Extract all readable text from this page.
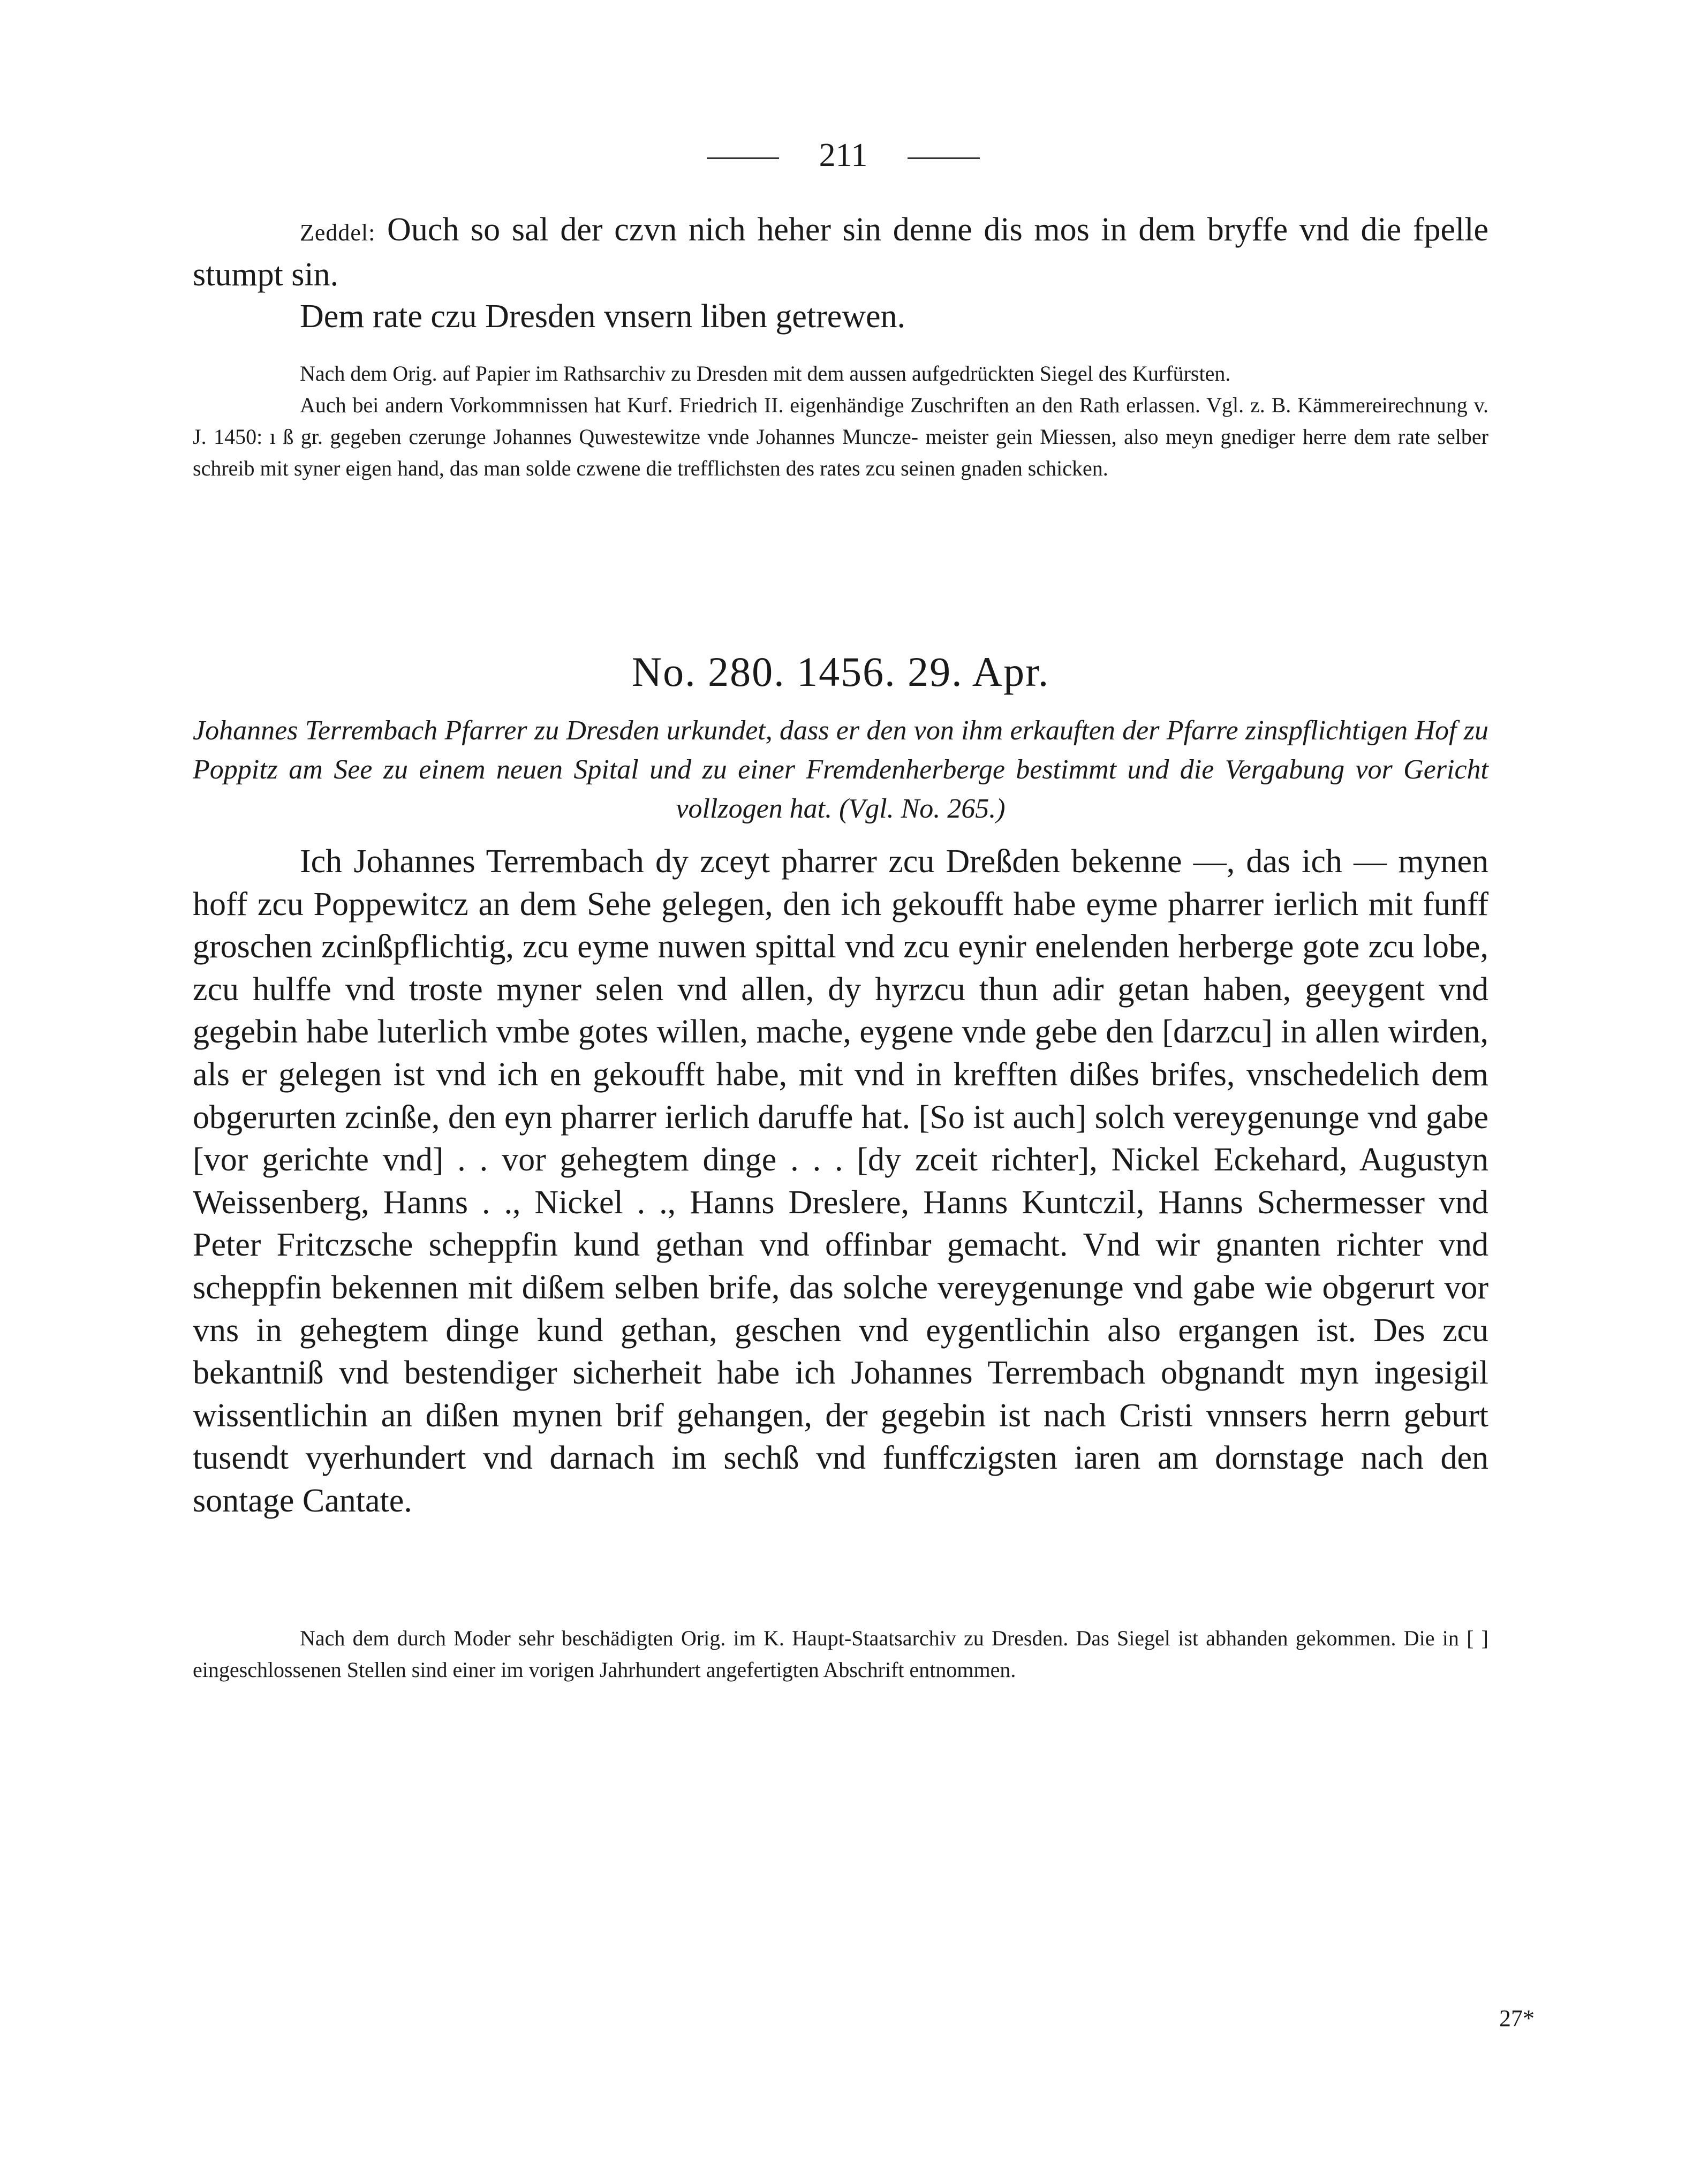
211

Zeddel: Ouch so sal der czvn nich heher sin denne dis mos in dem bryffe vnd die fpelle stumpt sin.

Dem rate czu Dresden vnsern liben getrewen.

Nach dem Orig. auf Papier im Rathsarchiv zu Dresden mit dem aussen aufgedrückten Siegel des Kurfürsten.

Auch bei andern Vorkommnissen hat Kurf. Friedrich II. eigenhändige Zuschriften an den Rath erlassen. Vgl. z. B. Kämmereirechnung v. J. 1450: ı ß gr. gegeben czerunge Johannes Quwestewitze vnde Johannes Muncze- meister gein Miessen, also meyn gnediger herre dem rate selber schreib mit syner eigen hand, das man solde czwene die trefflichsten des rates zcu seinen gnaden schicken.

No. 280. 1456. 29. Apr.

Johannes Terrembach Pfarrer zu Dresden urkundet, dass er den von ihm erkauften der Pfarre zinspflichtigen Hof zu Poppitz am See zu einem neuen Spital und zu einer Fremdenherberge bestimmt und die Vergabung vor Gericht vollzogen hat. (Vgl. No. 265.)

Ich Johannes Terrembach dy zceyt pharrer zcu Dreßden bekenne —, das ich — mynen hoff zcu Poppewitcz an dem Sehe gelegen, den ich gekoufft habe eyme pharrer ierlich mit funff groschen zcinßpflichtig, zcu eyme nuwen spittal vnd zcu eynir enelenden herberge gote zcu lobe, zcu hulffe vnd troste myner selen vnd allen, dy hyrzcu thun adir getan haben, geeygent vnd gegebin habe luterlich vmbe gotes willen, mache, eygene vnde gebe den [darzcu] in allen wirden, als er gelegen ist vnd ich en gekoufft habe, mit vnd in krefften dißes brifes, vnschedelich dem obgerurten zcinße, den eyn pharrer ierlich daruffe hat. [So ist auch] solch vereygenunge vnd gabe [vor gerichte vnd] . . vor gehegtem dinge . . . [dy zceit richter], Nickel Eckehard, Augustyn Weissenberg, Hanns . ., Nickel . ., Hanns Dreslere, Hanns Kuntczil, Hanns Schermesser vnd Peter Fritczsche scheppfin kund gethan vnd offinbar gemacht. Vnd wir gnanten richter vnd scheppfin bekennen mit dißem selben brife, das solche vereygenunge vnd gabe wie obgerurt vor vns in gehegtem dinge kund gethan, geschen vnd eygentlichin also ergangen ist. Des zcu bekantniß vnd bestendiger sicherheit habe ich Johannes Terrembach obgnandt myn ingesigil wissentlichin an dißen mynen brif gehangen, der gegebin ist nach Cristi vnnsers herrn geburt tusendt vyerhundert vnd darnach im sechß vnd funffczigsten iaren am dornstage nach den sontage Cantate.

Nach dem durch Moder sehr beschädigten Orig. im K. Haupt-Staatsarchiv zu Dresden. Das Siegel ist abhanden gekommen. Die in [ ] eingeschlossenen Stellen sind einer im vorigen Jahrhundert angefertigten Abschrift entnommen.

27*
